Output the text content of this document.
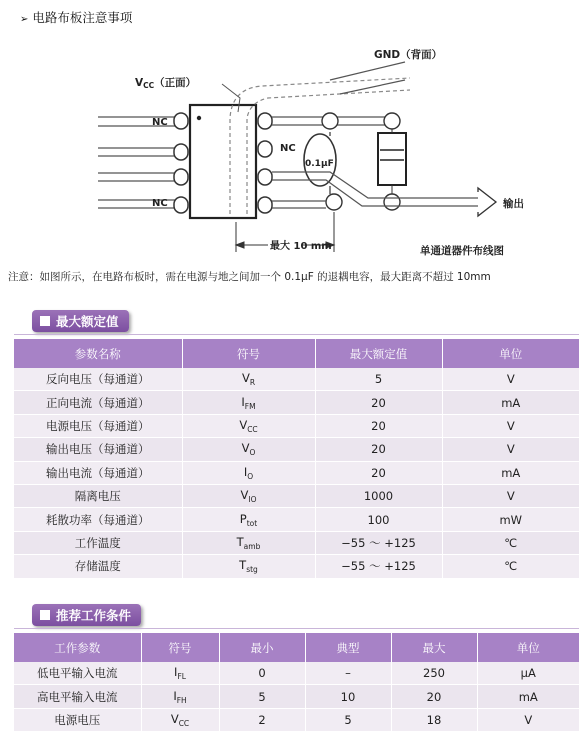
➢ 电路布板注意事项
GND（背面）
VCC（正面）
NC
NC
NC
0.1μF
最大 10 mm
输出
单通道器件布线图
注意：如图所示，在电路布板时，需在电源与地之间加一个 0.1μF 的退耦电容，最大距离不超过 10mm
最大额定值
参数名称	符号	最大额定值	单位
反向电压（每通道）	$V_R$	5	V
正向电流（每通道）	$I_{FM}$	20	mA
电源电压（每通道）	$V_{CC}$	20	V
输出电压（每通道）	$V_O$	20	V
输出电流（每通道）	$I_O$	20	mA
隔离电压	$V_{IO}$	1000	V
耗散功率（每通道）	$P_{tot}$	100	mW
工作温度	$T_{amb}$	−55 ～ +125	℃
存储温度	$T_{stg}$	−55 ～ +125	℃
推荐工作条件
工作参数	符号	最小	典型	最大	单位
低电平输入电流	$I_{FL}$	0	–	250	μA
高电平输入电流	$I_{FH}$	5	10	20	mA
电源电压	$V_{CC}$	2	5	18	V
